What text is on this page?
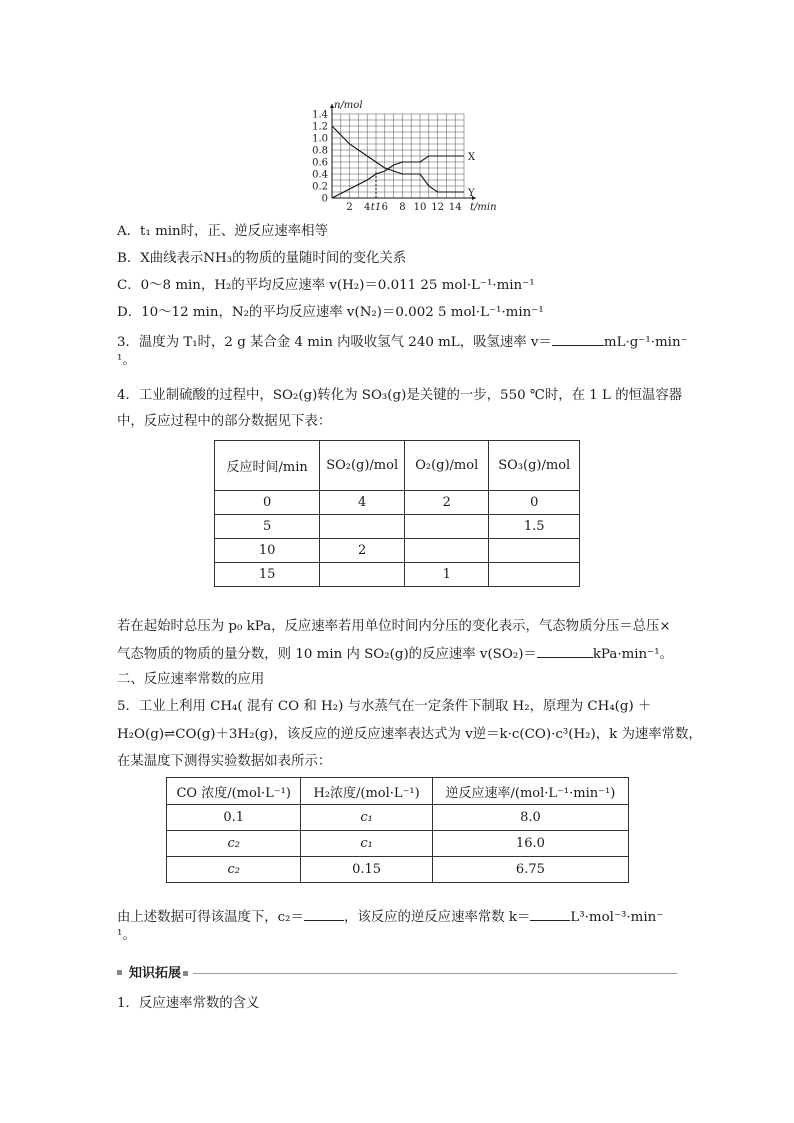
X
Y
1.4
1.2
1.0
0.8
0.6
0.4
0.2
0
2 4 t1 6 8 10 12 14
n/mol
t/min
A．t₁ min时，正、逆反应速率相等
B．X曲线表示NH₃的物质的量随时间的变化关系
C．0～8 min，H₂的平均反应速率 v(H₂)＝0.011 25 mol·L⁻¹·min⁻¹
D．10～12 min，N₂的平均反应速率 v(N₂)＝0.002 5 mol·L⁻¹·min⁻¹
3．温度为 T₁时，2 g 某合金 4 min 内吸收氢气 240 mL，吸氢速率 v＝	mL·g⁻¹·min⁻
¹。
4．工业制硫酸的过程中，SO₂(g)转化为 SO₃(g)是关键的一步，550 ℃时，在 1 L 的恒温容器
中，反应过程中的部分数据见下表：
反应时间/min	SO₂(g)/mol	O₂(g)/mol	SO₃(g)/mol
0	4	2	0
5			1.5
10	2		
15		1	
若在起始时总压为 p₀ kPa，反应速率若用单位时间内分压的变化表示，气态物质分压＝总压×
气态物质的物质的量分数，则 10 min 内 SO₂(g)的反应速率 v(SO₂)＝	kPa·min⁻¹。
二、反应速率常数的应用
5．工业上利用 CH₄( 混有 CO 和 H₂) 与水蒸气在一定条件下制取 H₂，原理为 CH₄(g) ＋
H₂O(g)⇌CO(g)＋3H₂(g)，该反应的逆反应速率表达式为 v逆＝k·c(CO)·c³(H₂)，k 为速率常数，
在某温度下测得实验数据如表所示：
CO 浓度/(mol·L⁻¹)	H₂浓度/(mol·L⁻¹)	逆反应速率/(mol·L⁻¹·min⁻¹)
0.1	c₁	8.0
c₂	c₁	16.0
c₂	0.15	6.75
由上述数据可得该温度下，c₂＝	，该反应的逆反应速率常数 k＝	L³·mol⁻³·min⁻
¹。
知识拓展
1．反应速率常数的含义
